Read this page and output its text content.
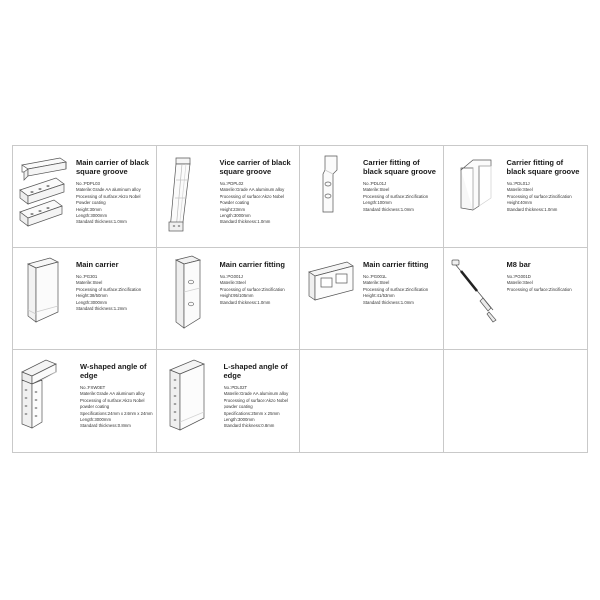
Main carrier of black square groove
No.:PDPL03
Materile:Grade AA aluminum alloy
Processing of surface:Akzo Nobel
Powder coating
Height:30mm
Length:3000mm
Standard thickness:1.0mm
Vice carrier of black square groove
No.:PDPL02
Materile:Grade AA aluminum alloy
Processing of surface:Akzo Nobel
Powder coating
Height:23mm
Length:3000mm
Standard thickness:1.0mm
Carrier fitting of black square groove
No.:PDL01J
Materile:Steel
Processing of surface:Zincification
Length:100mm
Standard thickness:1.0mm
Carrier fitting of black square groove
No.:PDL01J
Materile:Steel
Processing of surface:Zincification
Height:40mm
Standard thickness:1.0mm
Main carrier
No.:PG301
Materile:Steel
Processing of surface:Zincification
Height:38/50mm
Length:3000mm
Standard thickness:1.2mm
Main carrier fitting
No.:PG001J
Materile:Steel
Processing of surface:Zincification
Height:95/105mm
Standard thickness:1.0mm
Main carrier fitting
No.:PG001L
Materile:Steel
Processing of surface:Zincification
Height:41/53mm
Standard thickness:1.0mm
M8 bar
No.:PG001D
Materile:Steel
Processing of surface:Zincification
W-shaped angle of edge
No.:FXW0ET
Materile:Grade AA aluminum alloy
Processing of surface:Akzo Nobel
powder coating
Specifications:24mm x 24mm x 24mm
Length:3000mm
Standard thickness:0.8mm
L-shaped angle of edge
No.:PDL02T
Materile:Grade AA aluminum alloy
Processing of surface:Akzo Nobel
powder coating
Specifications:25mm x 25mm
Length:3000mm
Standard thickness:0.8mm
